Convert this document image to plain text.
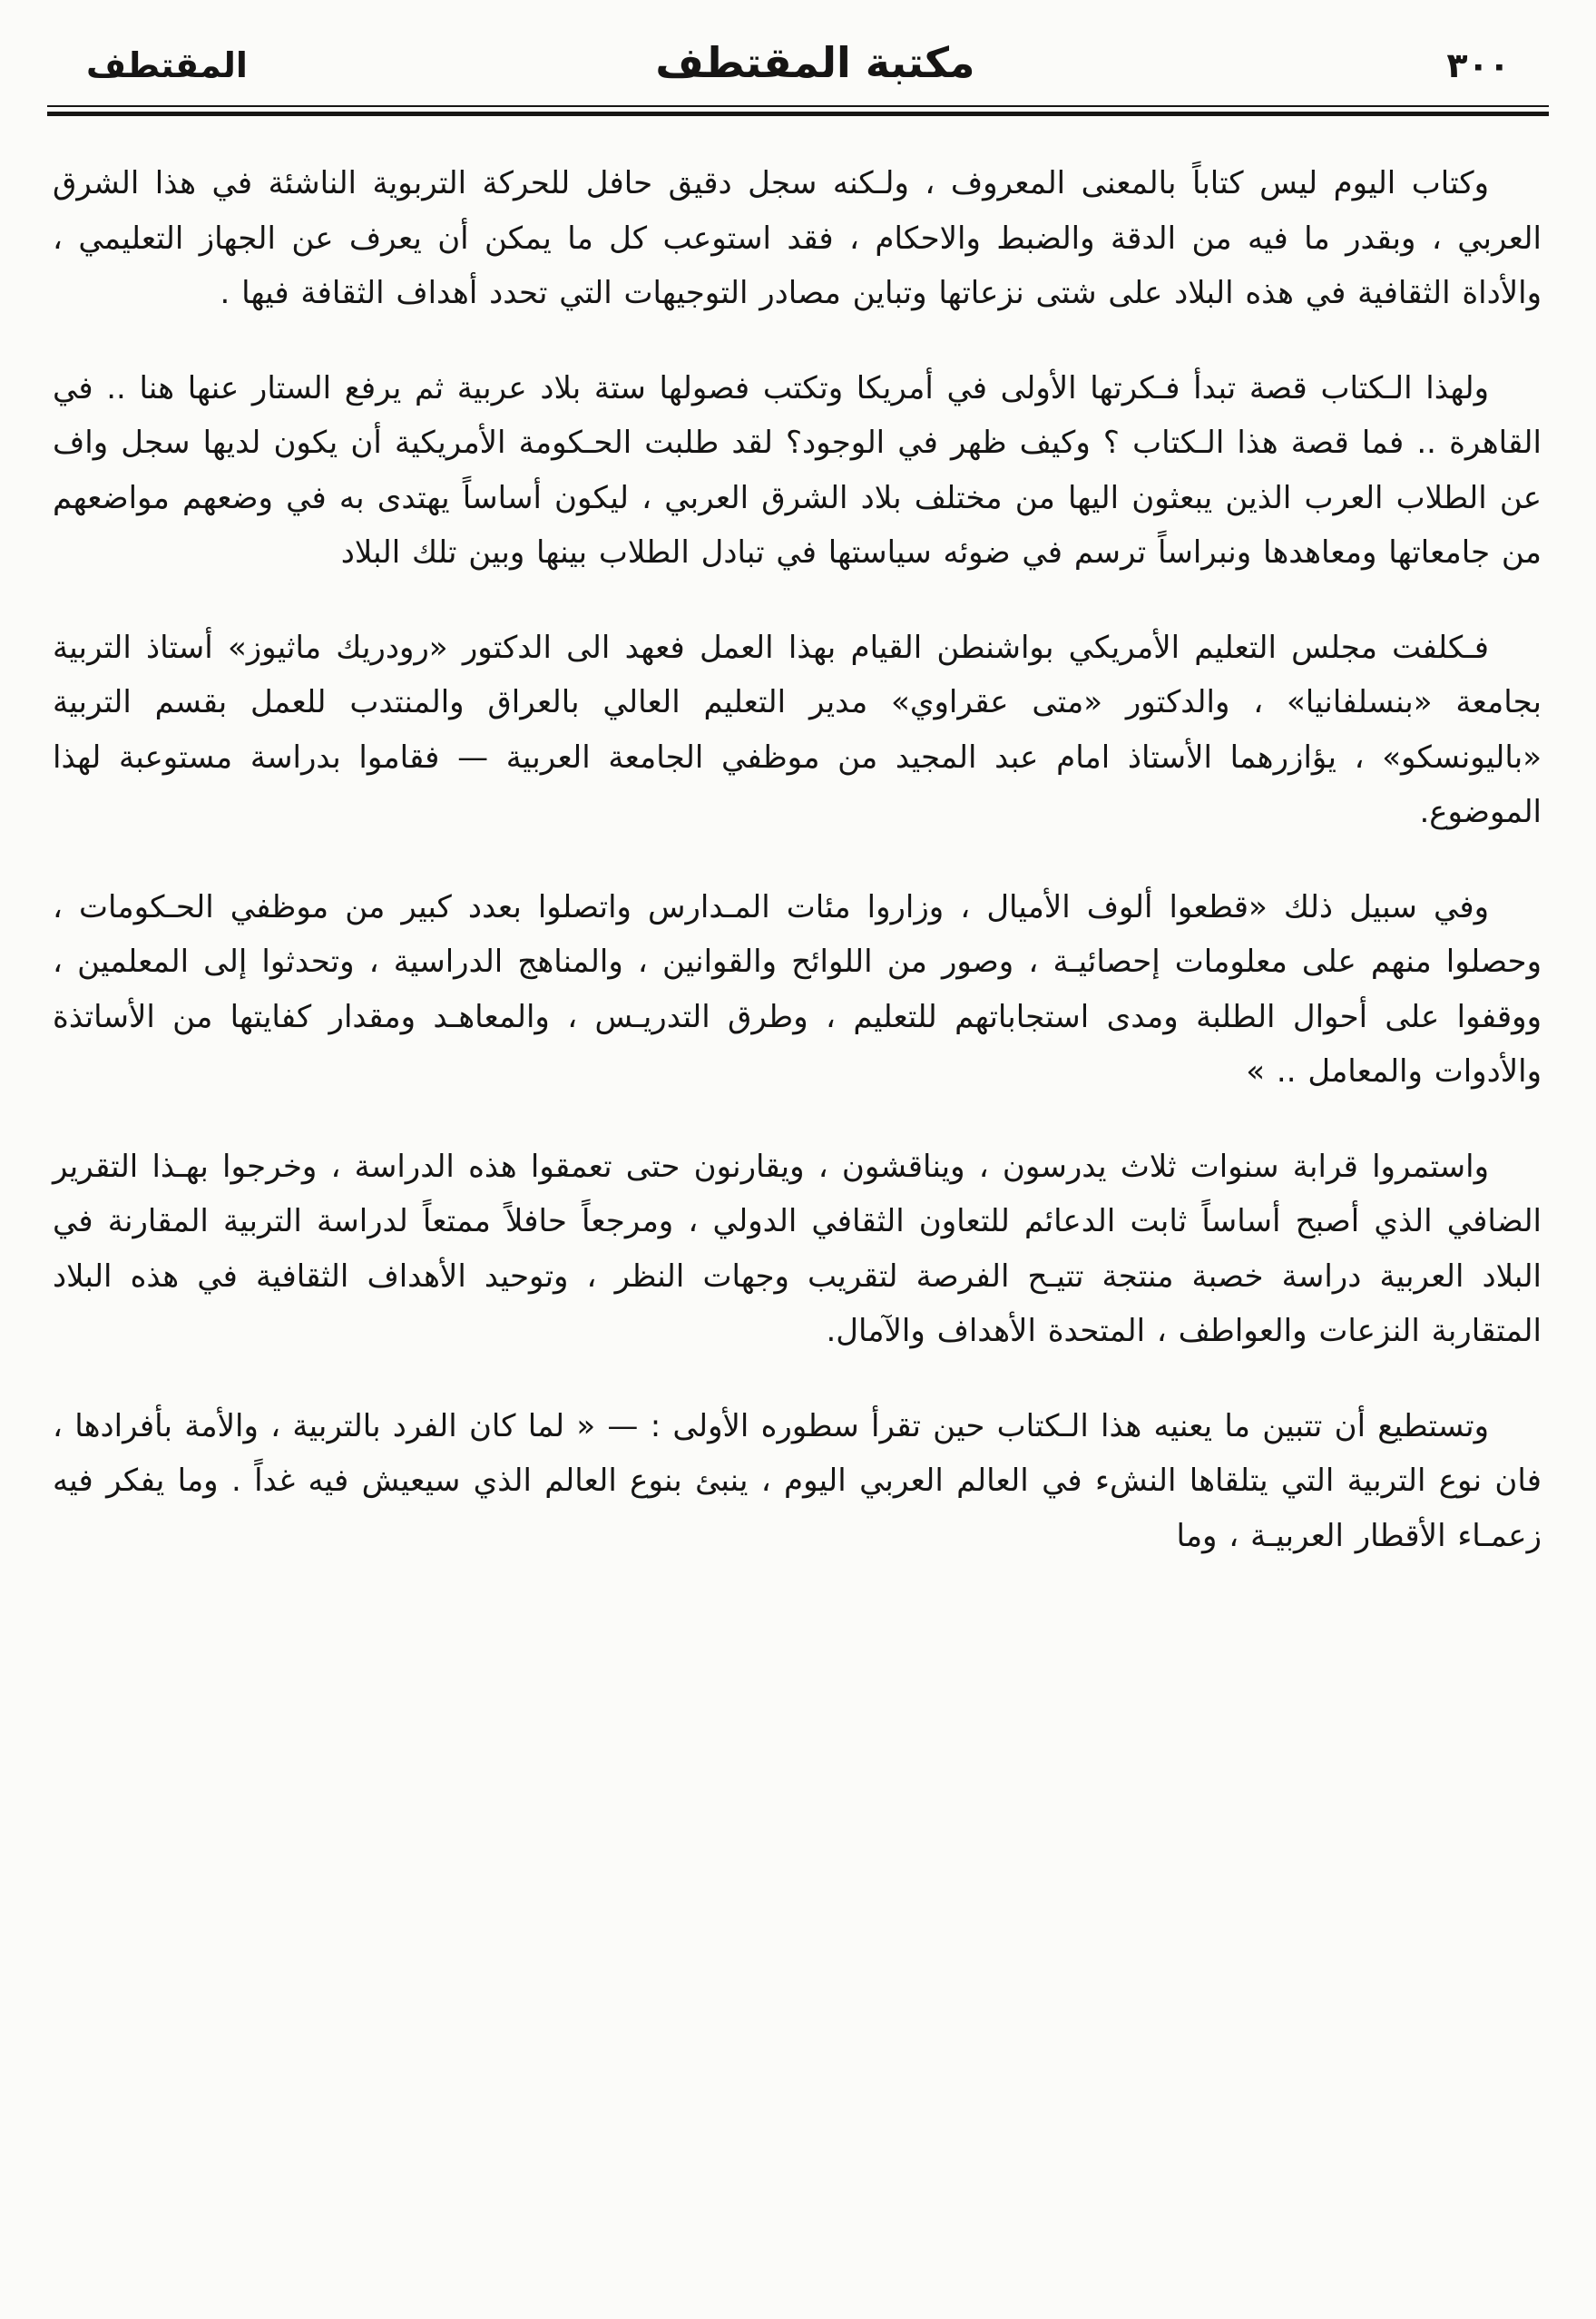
٣٠٠
مكتبة المقتطف
المقتطف

وكتاب اليوم ليس كتاباً بالمعنى المعروف ، ولـكنه سجل دقيق حافل للحركة التربوية الناشئة في هذا الشرق العربي ، وبقدر ما فيه من الدقة والضبط والاحكام ، فقد استوعب كل ما يمكن أن يعرف عن الجهاز التعليمي ، والأداة الثقافية في هذه البلاد على شتى نزعاتها وتباين مصادر التوجيهات التي تحدد أهداف الثقافة فيها .

ولهذا الـكتاب قصة تبدأ فـكرتها الأولى في أمريكا وتكتب فصولها ستة بلاد عربية ثم يرفع الستار عنها هنا .. في القاهرة .. فما قصة هذا الـكتاب ؟ وكيف ظهر في الوجود؟ لقد طلبت الحـكومة الأمريكية أن يكون لديها سجل واف عن الطلاب العرب الذين يبعثون اليها من مختلف بلاد الشرق العربي ، ليكون أساساً يهتدى به في وضعهم مواضعهم من جامعاتها ومعاهدها ونبراساً ترسم في ضوئه سياستها في تبادل الطلاب بينها وبين تلك البلاد

فـكلفت مجلس التعليم الأمريكي بواشنطن القيام بهذا العمل فعهد الى الدكتور «رودريك ماثيوز» أستاذ التربية بجامعة «بنسلفانيا» ، والدكتور «متى عقراوي» مدير التعليم العالي بالعراق والمنتدب للعمل بقسم التربية «باليونسكو» ، يؤازرهما الأستاذ امام عبد المجيد من موظفي الجامعة العربية — فقاموا بدراسة مستوعبة لهذا الموضوع.

وفي سبيل ذلك «قطعوا ألوف الأميال ، وزاروا مئات المـدارس واتصلوا بعدد كبير من موظفي الحـكومات ، وحصلوا منهم على معلومات إحصائيـة ، وصور من اللوائح والقوانين ، والمناهج الدراسية ، وتحدثوا إلى المعلمين ، ووقفوا على أحوال الطلبة ومدى استجاباتهم للتعليم ، وطرق التدريـس ، والمعاهـد ومقدار كفايتها من الأساتذة والأدوات والمعامل .. »

واستمروا قرابة سنوات ثلاث يدرسون ، ويناقشون ، ويقارنون حتى تعمقوا هذه الدراسة ، وخرجوا بهـذا التقرير الضافي الذي أصبح أساساً ثابت الدعائم للتعاون الثقافي الدولي ، ومرجعاً حافلاً ممتعاً لدراسة التربية المقارنة في البلاد العربية دراسة خصبة منتجة تتيـح الفرصة لتقريب وجهات النظر ، وتوحيد الأهداف الثقافية في هذه البلاد المتقاربة النزعات والعواطف ، المتحدة الأهداف والآمال.

وتستطيع أن تتبين ما يعنيه هذا الـكتاب حين تقرأ سطوره الأولى : — « لما كان الفرد بالتربية ، والأمة بأفرادها ، فان نوع التربية التي يتلقاها النشء في العالم العربي اليوم ، ينبئ بنوع العالم الذي سيعيش فيه غداً . وما يفكر فيه زعمـاء الأقطار العربيـة ، وما
